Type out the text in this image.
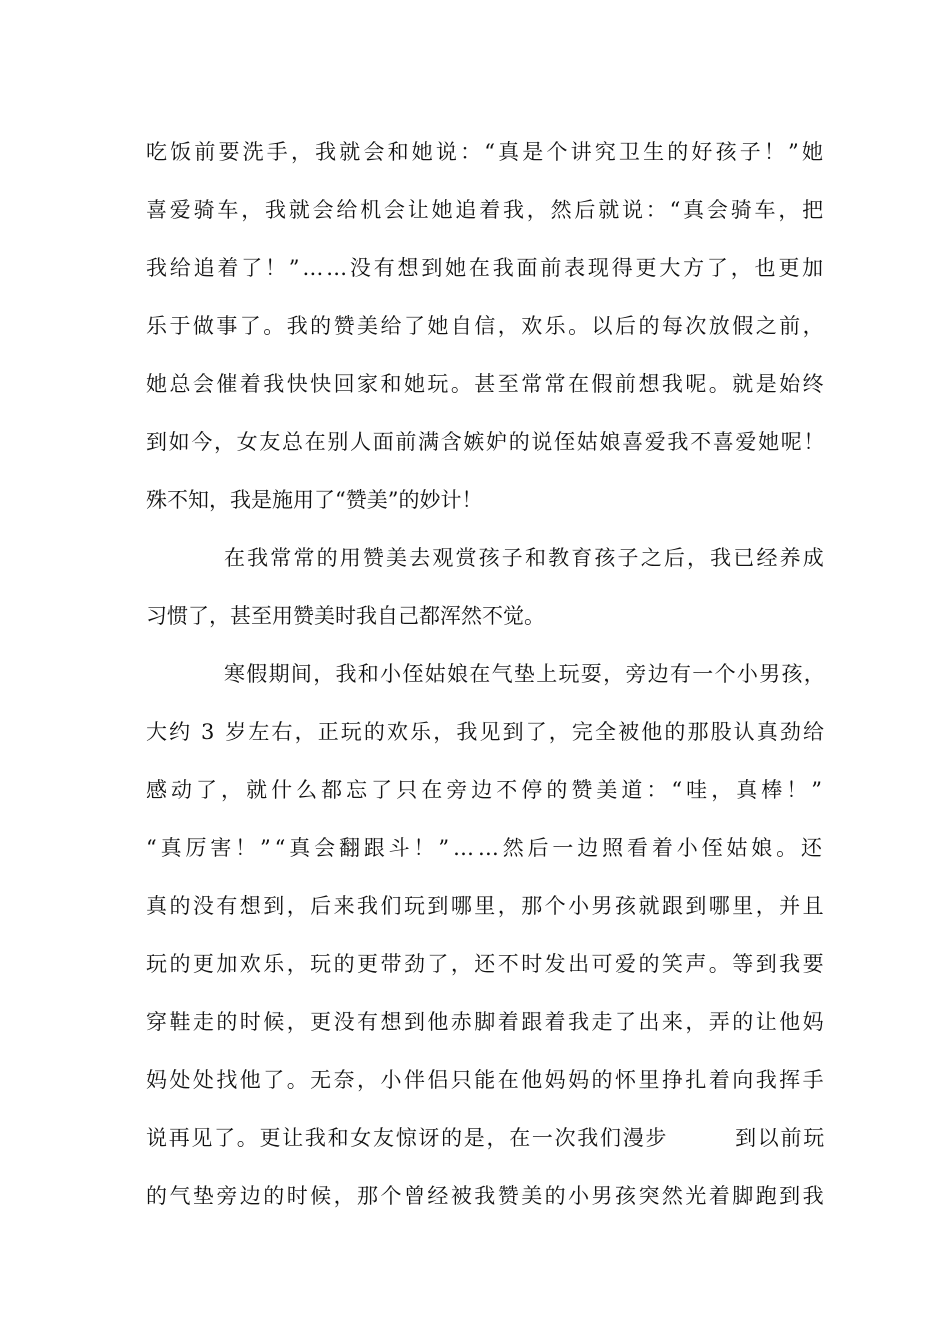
吃饭前要洗手，我就会和她说：“真是个讲究卫生的好孩子！”她
喜爱骑车，我就会给机会让她追着我，然后就说：“真会骑车，把
我给追着了！”……没有想到她在我面前表现得更大方了，也更加
乐于做事了。我的赞美给了她自信，欢乐。以后的每次放假之前，
她总会催着我快快回家和她玩。甚至常常在假前想我呢。就是始终
到如今，女友总在别人面前满含嫉妒的说侄姑娘喜爱我不喜爱她呢！
殊不知，我是施用了“赞美”的妙计！
在我常常的用赞美去观赏孩子和教育孩子之后，我已经养成
习惯了，甚至用赞美时我自己都浑然不觉。
寒假期间，我和小侄姑娘在气垫上玩耍，旁边有一个小男孩，
大约 3 岁左右，正玩的欢乐，我见到了，完全被他的那股认真劲给
感动了，就什么都忘了只在旁边不停的赞美道：“哇，真棒！”
“真厉害！”“真会翻跟斗！”……然后一边照看着小侄姑娘。还
真的没有想到，后来我们玩到哪里，那个小男孩就跟到哪里，并且
玩的更加欢乐，玩的更带劲了，还不时发出可爱的笑声。等到我要
穿鞋走的时候，更没有想到他赤脚着跟着我走了出来，弄的让他妈
妈处处找他了。无奈，小伴侣只能在他妈妈的怀里挣扎着向我挥手
说再见了。更让我和女友惊讶的是，在一次我们漫步        到以前玩
的气垫旁边的时候，那个曾经被我赞美的小男孩突然光着脚跑到我
